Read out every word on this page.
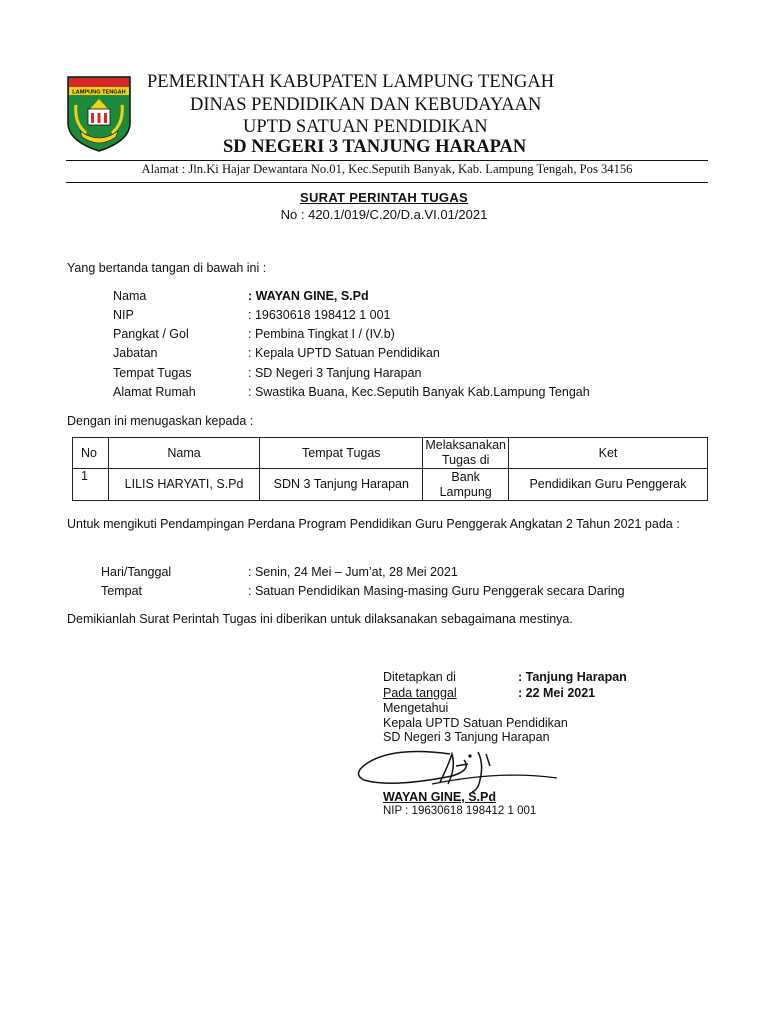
LAMPUNG TENGAH
PEMERINTAH KABUPATEN LAMPUNG TENGAH
DINAS PENDIDIKAN DAN KEBUDAYAAN
UPTD SATUAN PENDIDIKAN
SD NEGERI 3 TANJUNG HARAPAN
Alamat : Jln.Ki Hajar Dewantara No.01, Kec.Seputih Banyak, Kab. Lampung Tengah, Pos 34156
SURAT PERINTAH TUGAS
No : 420.1/019/C.20/D.a.VI.01/2021
Yang bertanda tangan di bawah ini :
Nama	: WAYAN GINE, S.Pd
NIP	: 19630618 198412 1 001
Pangkat / Gol	: Pembina Tingkat I / (IV.b)
Jabatan	: Kepala UPTD Satuan Pendidikan
Tempat Tugas	: SD Negeri 3 Tanjung Harapan
Alamat Rumah	: Swastika Buana, Kec.Seputih Banyak Kab.Lampung Tengah
Dengan ini menugaskan kepada :
No	Nama	Tempat Tugas	Melaksanakan Tugas di	Ket
1	LILIS HARYATI, S.Pd	SDN 3 Tanjung Harapan	Bank Lampung	Pendidikan Guru Penggerak
Untuk mengikuti Pendampingan Perdana Program Pendidikan Guru Penggerak Angkatan 2 Tahun 2021 pada :
Hari/Tanggal	: Senin, 24 Mei – Jum’at, 28 Mei 2021
Tempat	: Satuan Pendidikan Masing-masing Guru Penggerak secara Daring
Demikianlah Surat Perintah Tugas ini diberikan untuk dilaksanakan sebagaimana mestinya.
Ditetapkan di	: Tanjung Harapan
Pada tanggal	: 22 Mei 2021
Mengetahui
Kepala UPTD Satuan Pendidikan
SD Negeri 3 Tanjung Harapan
WAYAN GINE, S.Pd
NIP : 19630618 198412 1 001
